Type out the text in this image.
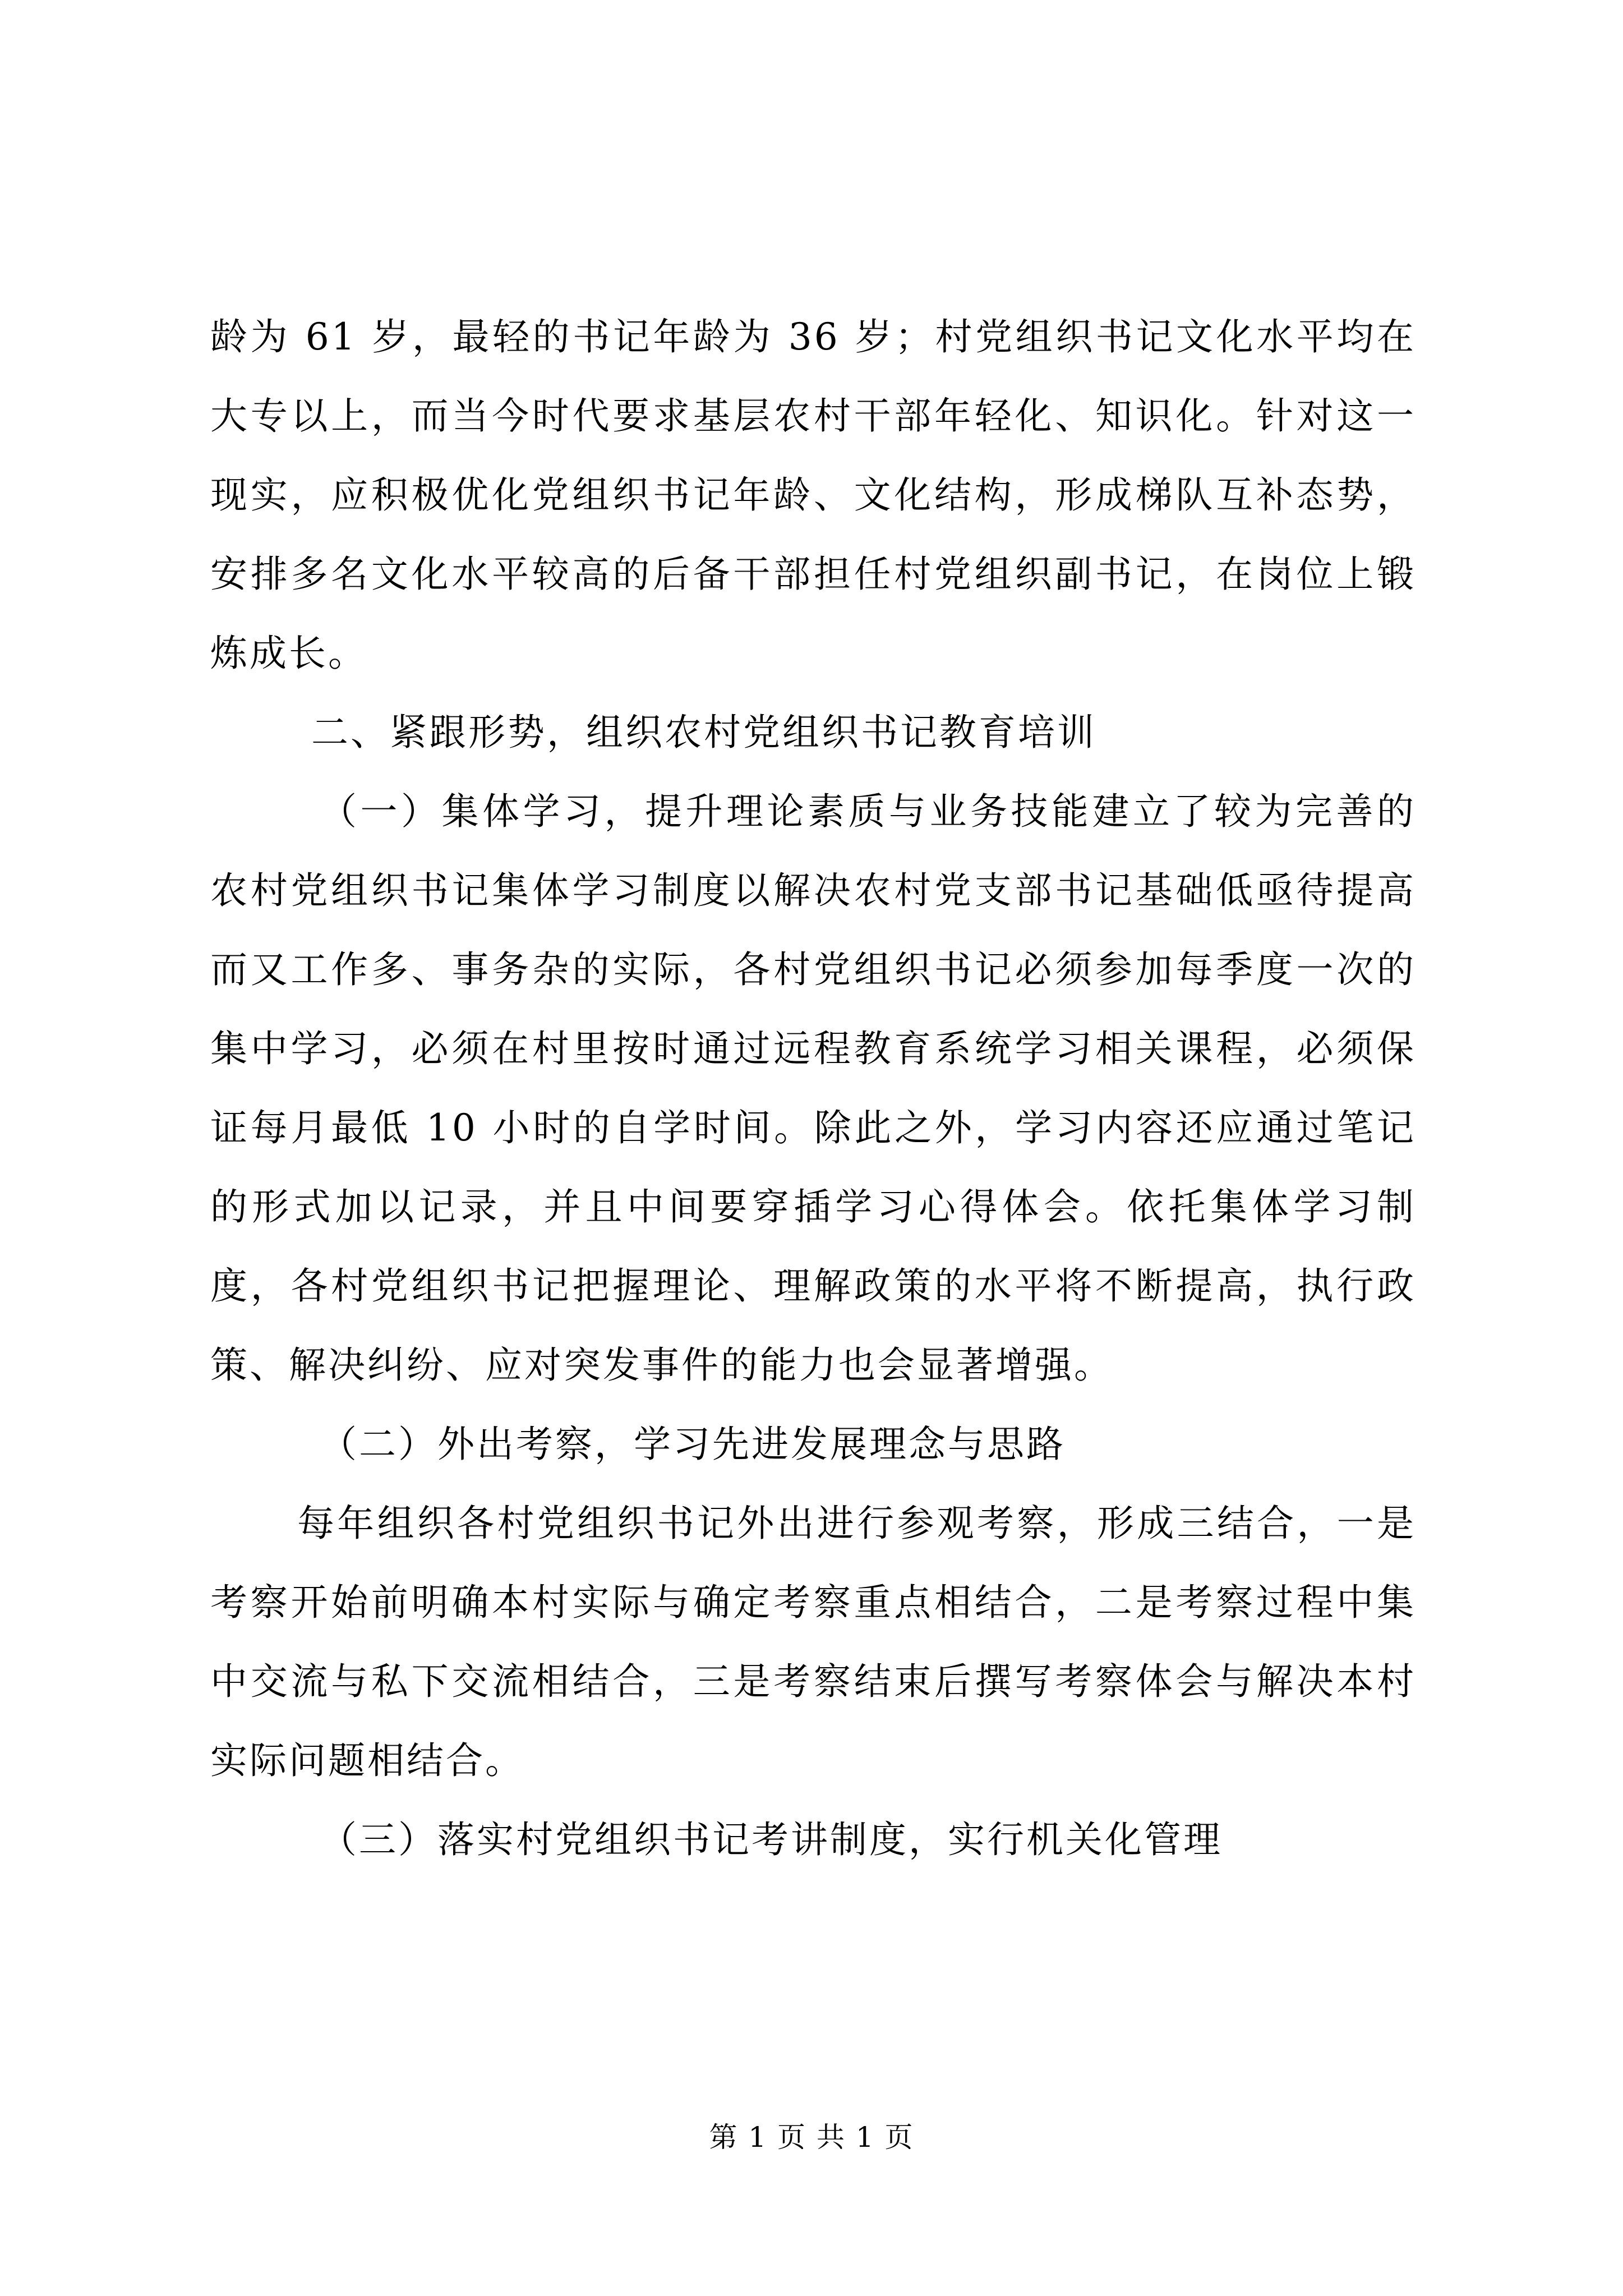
龄为 61 岁，最轻的书记年龄为 36 岁；村党组织书记文化水平均在大专以上，而当今时代要求基层农村干部年轻化、知识化。针对这一现实，应积极优化党组织书记年龄、文化结构，形成梯队互补态势，安排多名文化水平较高的后备干部担任村党组织副书记，在岗位上锻炼成长。

二、紧跟形势，组织农村党组织书记教育培训

（一）集体学习，提升理论素质与业务技能建立了较为完善的农村党组织书记集体学习制度以解决农村党支部书记基础低亟待提高而又工作多、事务杂的实际，各村党组织书记必须参加每季度一次的集中学习，必须在村里按时通过远程教育系统学习相关课程，必须保证每月最低 10 小时的自学时间。除此之外，学习内容还应通过笔记的形式加以记录，并且中间要穿插学习心得体会。依托集体学习制度，各村党组织书记把握理论、理解政策的水平将不断提高，执行政策、解决纠纷、应对突发事件的能力也会显著增强。

（二）外出考察，学习先进发展理念与思路

每年组织各村党组织书记外出进行参观考察，形成三结合，一是考察开始前明确本村实际与确定考察重点相结合，二是考察过程中集中交流与私下交流相结合，三是考察结束后撰写考察体会与解决本村实际问题相结合。

（三）落实村党组织书记考讲制度，实行机关化管理

第 1 页 共 1 页
